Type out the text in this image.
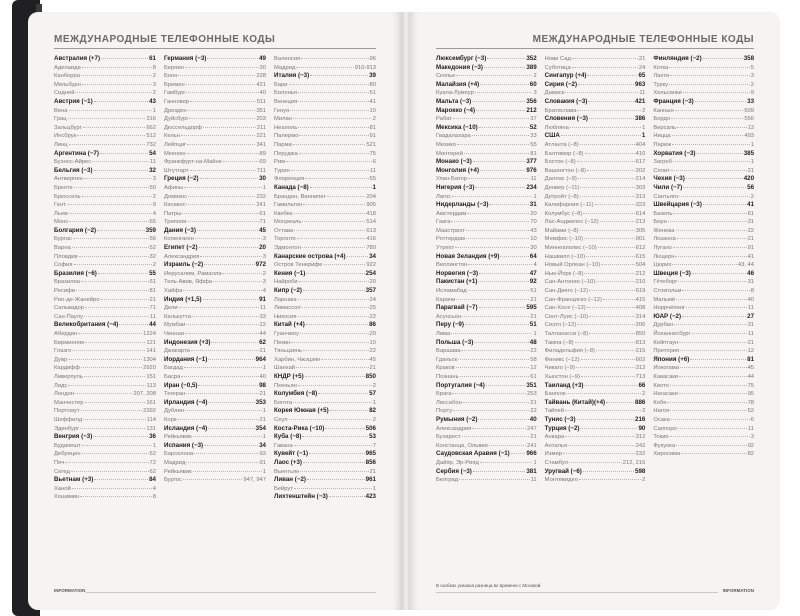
МЕЖДУНАРОДНЫЕ ТЕЛЕФОННЫЕ КОДЫ
Австралия (+7)	61
Аделаида	8
Канберра	2
Мельбурн	3
Сидней	2
Австрия (−1)	43
Вена	1
Грац	316
Зальцбург	662
Инсбрук	512
Линц	732
Аргентина (−7)	54
Буэнос-Айрес	11
Бельгия (−3)	32
Антверпен	3
Брюгге	50
Брюссель	2
Гент	9
Льеж	4
Монс	65
Болгария (−2)	359
Бургас	56
Варна	52
Пловдив	32
София	2
Бразилия (−6)	55
Бразилиа	61
Ресифи	81
Рио-де-Жанейро	21
Сальвадор	71
Сан-Паулу	11
Великобритания (−4)	44
Абердин	1224
Бирмингем	121
Глазго	141
Дувр	1304
Кардифф	2920
Ливерпуль	151
Лидс	113
Лондон	207, 208
Манчестер	161
Портсмут	2392
Шеффилд	114
Эдинбург	131
Венгрия (−3)	36
Будапешт	1
Дебрецен	52
Печ	72
Сегед	62
Вьетнам (+3)	84
Ханой	4
Хошимин	8
Германия (−3)	49
Берлин	30
Бонн	228
Бремен	421
Гамбург	40
Ганновер	511
Дрезден	351
Дуйсбург	203
Дюссельдорф	211
Кельн	221
Лейпциг	341
Мюнхен	89
Франкфурт-на-Майне	69
Штутгарт	711
Греция (−2)	30
Афины	1
Домикос	232
Кисикос	241
Патры	61
Триполи	71
Дания (−3)	45
Копенгаген	3
Египет (−2)	20
Александрия	3
Израиль (−2)	972
Иерусалим, Рамалла	2
Тель-Авив, Яффа	3
Хайфа	4
Индия (+1,5)	91
Дели	11
Калькутта	33
Мумбаи	22
Ченнаи	44
Индонезия (+3)	62
Джакарта	21
Иордания (−1)	964
Багдад	1
Басра	40
Иран (−0,5)	98
Тегеран	21
Ирландия (−4)	353
Дублин	1
Корк	21
Исландия (−4)	354
Рейкьявик	1
Испания (−3)	34
Барселона	93
Мадрид	91
Рейкьявик	1
Бургос	947, 947
Валенсия	96
Мадрид	910-913
Италия (−3)	39
Бари	80
Болонья	51
Венеция	41
Генуя	10
Милан	2
Неаполь	81
Палермо	91
Парма	521
Перуджа	75
Рим	6
Турин	11
Флоренция	55
Канада (−8)	1
Брандон, Виннипег	204
Гамильтон	905
Квебек	418
Монреаль	514
Оттава	613
Торонто	416
Эдмонтон	780
Канарские острова (+4)	34
Остров Тенерифе	922
Кения (−1)	254
Найроби	20
Кипр (−2)	357
Ларнака	24
Лимассол	25
Никосия	22
Китай (+4)	86
Гуанчжоу	20
Пекин	10
Тяньцзинь	22
Харбин, Чжэцзян	45
Шанхай	21
КНДР (+5)	850
Пхеньян	2
Колумбия (−8)	57
Богота	1
Корея Южная (+5)	82
Сеул	2
Коста-Рика (−10)	506
Куба (−8)	53
Гавана	7
Кувейт (−1)	965
Лаос (+3)	856
Вьентьян	21
Ливан (−2)	961
Бейрут	1
Лихтенштейн (−3)	423
INFORMATION
МЕЖДУНАРОДНЫЕ ТЕЛЕФОННЫЕ КОДЫ
Люксембург (−3)	352
Македония (−3)	389
Скопье	2
Малайзия (+4)	60
Куала-Лумпур	3
Мальта (−3)	356
Марокко (−4)	212
Рабат	37
Мексика (−10)	52
Гвадалахара	33
Мехико	55
Монтерей	81
Монако (−3)	377
Монголия (+4)	976
Улан-Батор	11
Нигерия (−3)	234
Лагос	1
Нидерланды (−3)	31
Амстердам	20
Гаага	70
Маастрихт	43
Роттердам	10
Утрехт	30
Новая Зеландия (+9)	64
Веллингтон	4
Норвегия (−3)	47
Пакистан (+1)	92
Исламабад	51
Карачи	21
Парагвай (−7)	595
Асунсьон	21
Перу (−9)	51
Лима	1
Польша (−3)	48
Варшава	22
Гданьск	58
Краков	12
Познань	61
Португалия (−4)	351
Брага	253
Лиссабон	21
Порту	22
Румыния (−2)	40
Александрия	247
Бухарест	21
Констанца, Ольвия	241
Саудовская Аравия (−1)	966
Дайяр, Эр-Рияд	1
Сербия (−3)	381
Белград	11
Нови Сад	21
Суботица	24
Сингапур (+4)	65
Сирия (−2)	963
Дамаск	11
Словакия (−3)	421
Братислава	2
Словения (−3)	386
Любляна	1
США	1
Атланта (−8)	404
Балтимор (−8)	410
Бостон (−8)	617
Вашингтон (−8)	202
Даллас (−9)	214
Денвер (−11)	303
Детройт (−8)	313
Калифорния (−11)	323
Колумбус (−8)	614
Лас-Анджелес (−12)	213
Майами (−8)	305
Мемфис (−10)	901
Миннеаполис (−10)	612
Нашвилл (−10)	615
Новый Орлеан (−10)	504
Нью-Йорк (−8)	212
Сан-Антонио (−10)	210
Сан-Диего (−12)	619
Сан-Франциско (−12)	415
Сан-Хосе (−12)	408
Сент-Луис (−10)	314
Сиэтл (−12)	206
Таллахасси (−8)	850
Тампа (−8)	813
Филадельфия (−8)	215
Финикс (−12)	602
Чикаго (−9)	312
Хьюстон (−9)	713
Таиланд (+3)	66
Бангкок	2
Тайвань (Китай)(+4)	886
Тайпей	2
Тунис (−3)	216
Турция (−2)	90
Анкара	312
Анталья	242
Измир	232
Стамбул	212, 216
Уругвай (−6)	598
Монтевидео	2
Финляндия (−2)	358
Котка	5
Лахти	3
Турку	2
Хельсинки	9
Франция (−3)	33
Каннын	609
Бордо	556
Версаль	13
Ницца	493
Париж	1
Хорватия (−3)	385
Загреб	1
Сплит	21
Чехия (−3)	420
Чили (−7)	56
Сантьяго	2
Швейцария (−3)	41
Базель	61
Берн	31
Женева	22
Лозанна	21
Лугано	91
Люцерн	41
Цюрих	43, 44
Швеция (−3)	46
Гётеборг	31
Стокгольм	8
Мальмё	40
Норрчёпинг	11
ЮАР (−2)	27
Дурбан	31
Йоханнесбург	11
Кейптаун	21
Претория	12
Япония (+6)	81
Иокогама	45
Кавасаки	44
Киото	75
Нагасаки	95
Кобе	78
Нагоя	52
Осака	6
Саппоро	11
Токио	3
Фукуока	92
Хиросима	82
В скобках указана разница во времени с Москвой.
INFORMATION
